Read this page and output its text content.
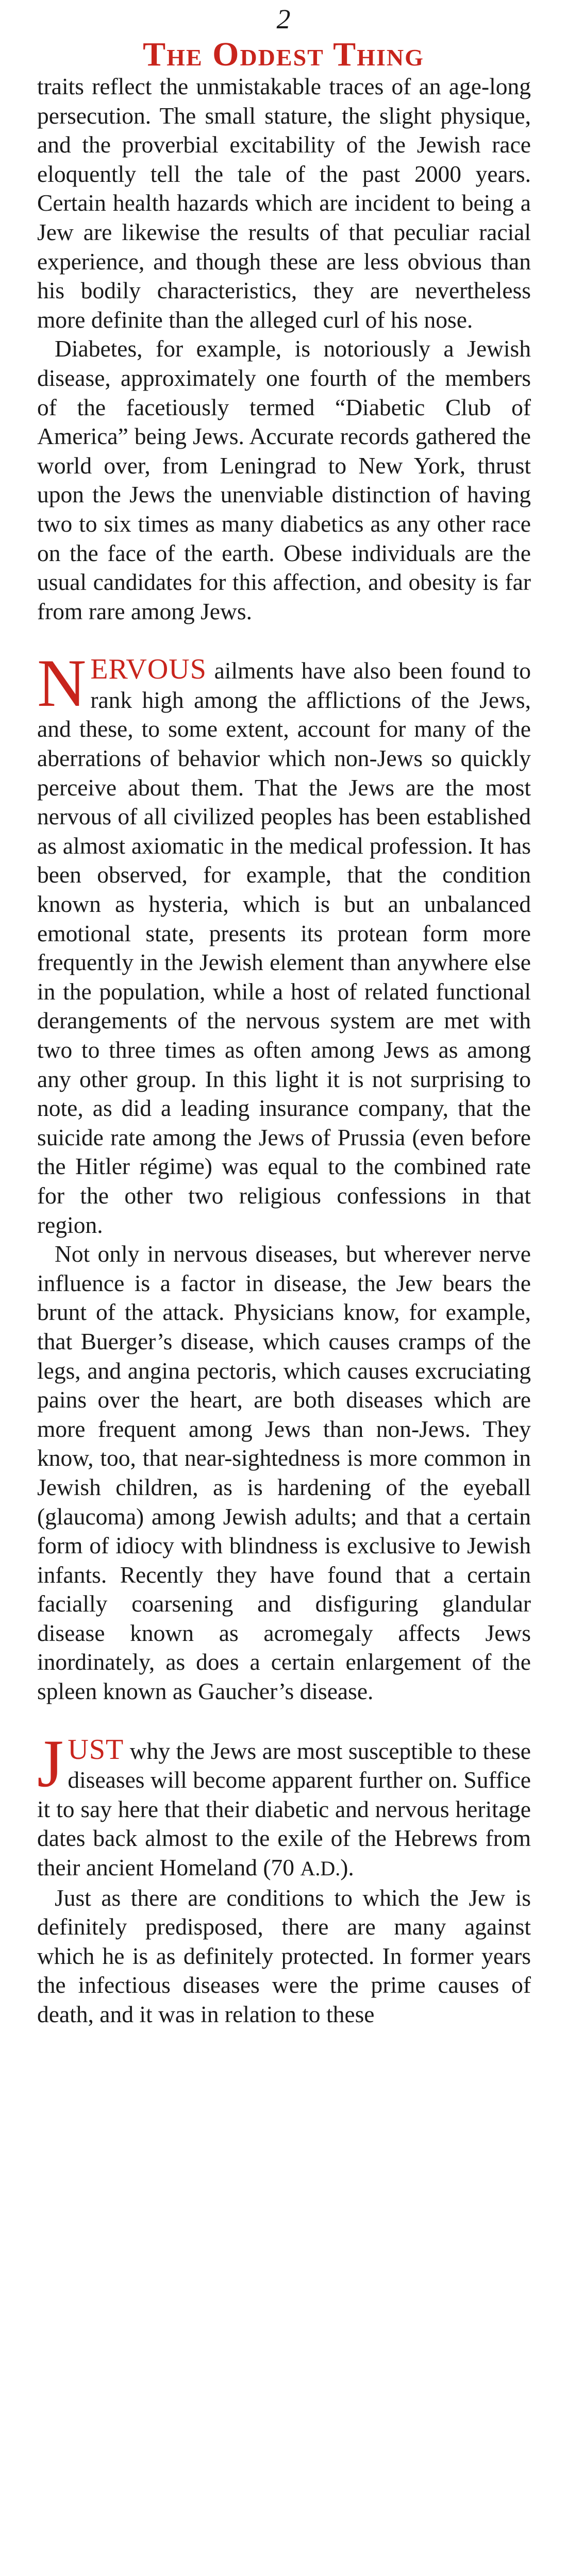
2
The Oddest Thing

traits reflect the unmistakable traces of an age-long persecution. The small stature, the slight physique, and the proverbial excitability of the Jewish race eloquently tell the tale of the past 2000 years. Certain health hazards which are incident to being a Jew are likewise the results of that peculiar racial experience, and though these are less obvious than his bodily characteristics, they are nevertheless more definite than the alleged curl of his nose.

Diabetes, for example, is notoriously a Jewish disease, approximately one fourth of the members of the facetiously termed “Diabetic Club of America” being Jews. Accurate records gathered the world over, from Leningrad to New York, thrust upon the Jews the unenviable distinction of having two to six times as many diabetics as any other race on the face of the earth. Obese individuals are the usual candidates for this affection, and obesity is far from rare among Jews.

NERVOUS ailments have also been found to rank high among the afflictions of the Jews, and these, to some extent, account for many of the aberrations of behavior which non-Jews so quickly perceive about them. That the Jews are the most nervous of all civilized peoples has been established as almost axiomatic in the medical profession. It has been observed, for example, that the condition known as hysteria, which is but an unbalanced emotional state, presents its protean form more frequently in the Jewish element than anywhere else in the population, while a host of related functional derangements of the nervous system are met with two to three times as often among Jews as among any other group. In this light it is not surprising to note, as did a leading insurance company, that the suicide rate among the Jews of Prussia (even before the Hitler régime) was equal to the combined rate for the other two religious confessions in that region.

Not only in nervous diseases, but wherever nerve influence is a factor in disease, the Jew bears the brunt of the attack. Physicians know, for example, that Buerger’s disease, which causes cramps of the legs, and angina pectoris, which causes excruciating pains over the heart, are both diseases which are more frequent among Jews than non-Jews. They know, too, that near-sightedness is more common in Jewish children, as is hardening of the eyeball (glaucoma) among Jewish adults; and that a certain form of idiocy with blindness is exclusive to Jewish infants. Recently they have found that a certain facially coarsening and disfiguring glandular disease known as acromegaly affects Jews inordinately, as does a certain enlargement of the spleen known as Gaucher’s disease.

JUST why the Jews are most susceptible to these diseases will become apparent further on. Suffice it to say here that their diabetic and nervous heritage dates back almost to the exile of the Hebrews from their ancient Homeland (70 A.D.).

Just as there are conditions to which the Jew is definitely predisposed, there are many against which he is as definitely protected. In former years the infectious diseases were the prime causes of death, and it was in relation to these
